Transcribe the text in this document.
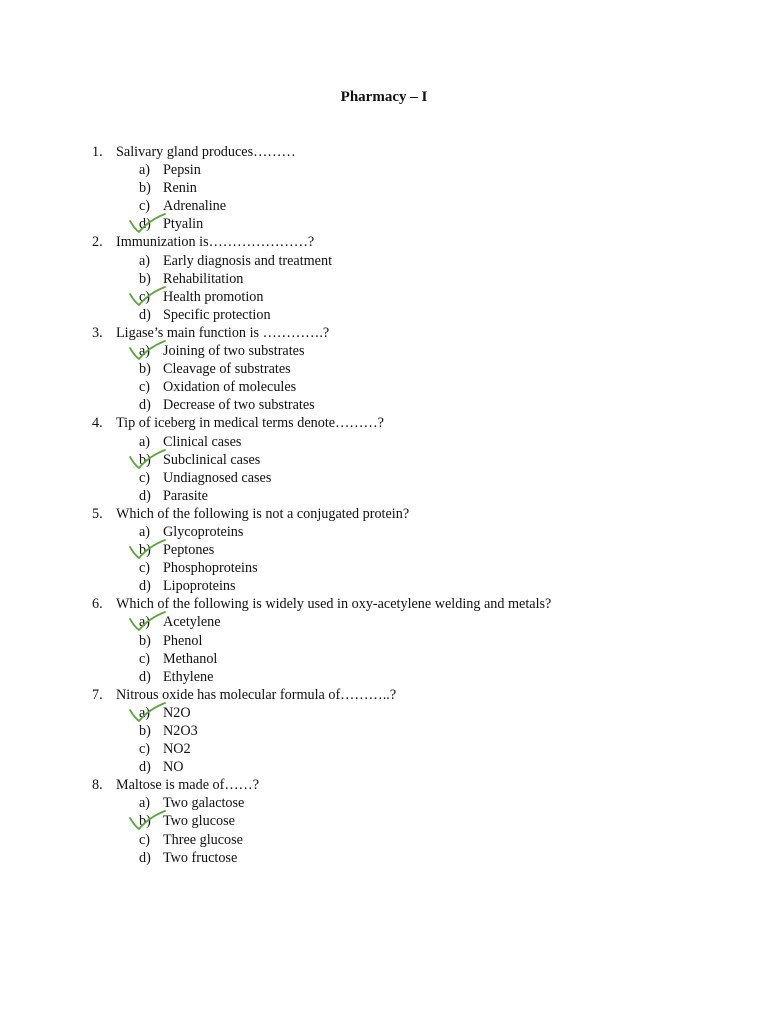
Pharmacy – I
1. Salivary gland produces………
a) Pepsin
b) Renin
c) Adrenaline
d) Ptyalin
2. Immunization is…………………?
a) Early diagnosis and treatment
b) Rehabilitation
c) Health promotion
d) Specific protection
3. Ligase’s main function is ………….?
a) Joining of two substrates
b) Cleavage of substrates
c) Oxidation of molecules
d) Decrease of two substrates
4. Tip of iceberg in medical terms denote………?
a) Clinical cases
b) Subclinical cases
c) Undiagnosed cases
d) Parasite
5. Which of the following is not a conjugated protein?
a) Glycoproteins
b) Peptones
c) Phosphoproteins
d) Lipoproteins
6. Which of the following is widely used in oxy-acetylene welding and metals?
a) Acetylene
b) Phenol
c) Methanol
d) Ethylene
7. Nitrous oxide has molecular formula of………..?
a) N2O
b) N2O3
c) NO2
d) NO
8. Maltose is made of……?
a) Two galactose
b) Two glucose
c) Three glucose
d) Two fructose
